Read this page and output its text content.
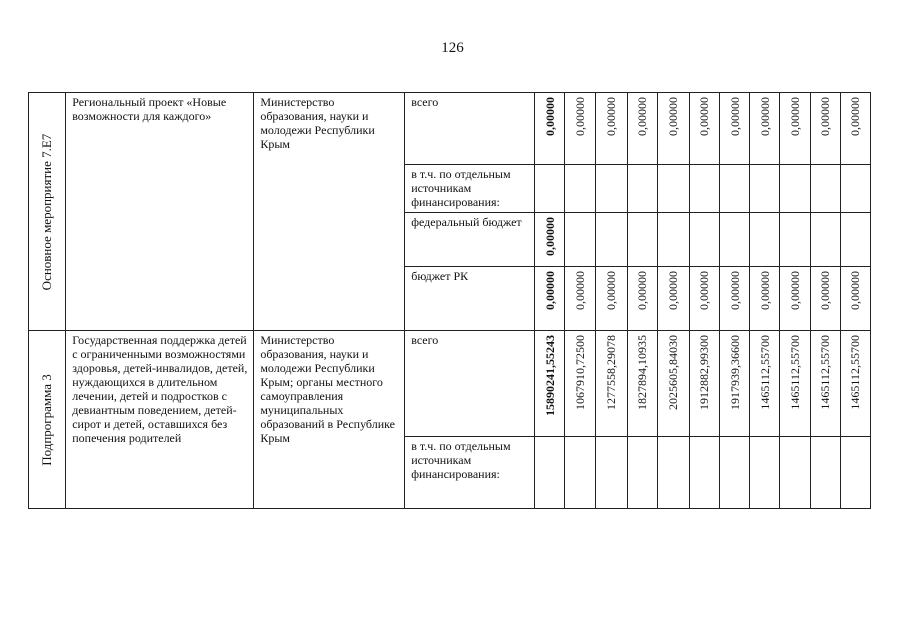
126
Основное мероприятие 7.Е7	Региональный проект «Новые возможности для каждого»	Министерство образования, науки и молодежи Республики Крым	всего	0,00000	0,00000	0,00000	0,00000	0,00000	0,00000	0,00000	0,00000	0,00000	0,00000	0,00000

			в т.ч. по отдельным источникам финансирования:	

			федеральный бюджет	0,00000										

			бюджет РК	0,00000	0,00000	0,00000	0,00000	0,00000	0,00000	0,00000	0,00000	0,00000	0,00000	0,00000

Подпрограмма 3	Государственная поддержка детей с ограниченными возможностями здоровья, детей-инвалидов, детей, нуждающихся в длительном лечении, детей и подростков с девиантным поведением, детей-сирот и детей, оставшихся без попечения родителей	Министерство образования, науки и молодежи Республики Крым; органы местного самоуправления муниципальных образований в Республике Крым	всего	15890241,55243	1067910,72500	1277558,29078	1827894,10935	2025605,84030	1912882,99300	1917939,36600	1465112,55700	1465112,55700	1465112,55700	1465112,55700

			в т.ч. по отдельным источникам финансирования:	
